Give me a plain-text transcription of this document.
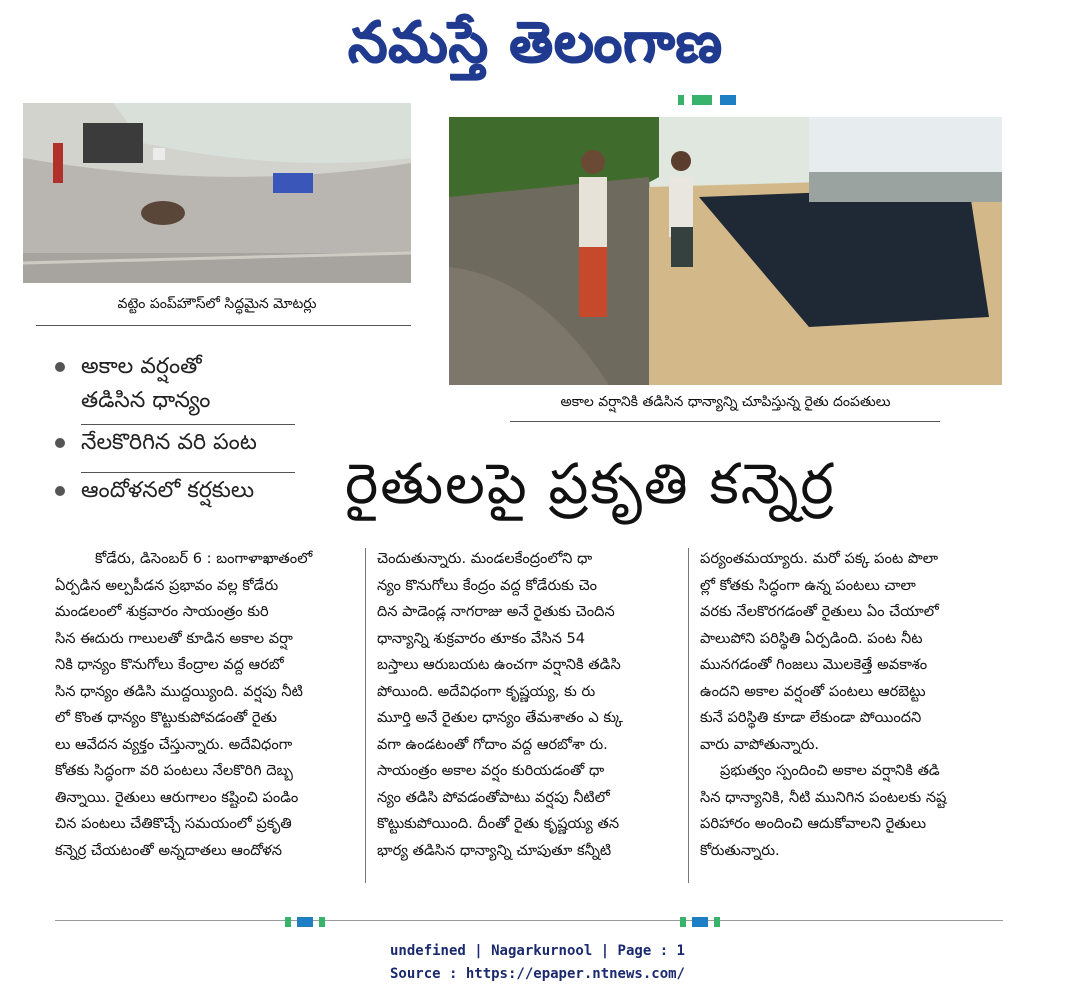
నమస్తే తెలంగాణ
వట్టెం పంప్‌హౌస్‌లో సిద్ధమైన మోటర్లు
అకాల వర్షానికి తడిసిన ధాన్యాన్ని చూపిస్తున్న రైతు దంపతులు
అకాల వర్షంతో
తడిసిన ధాన్యం
నేలకొరిగిన వరి పంట
ఆందోళనలో కర్షకులు	రైతులపై ప్రకృతి కన్నెర్ర

కోడేరు, డిసెంబర్ 6 : బంగాళాఖాతంలో

ఏర్పడిన అల్పపీడన ప్రభావం వల్ల కోడేరు

మండలంలో శుక్రవారం సాయంత్రం కురి

సిన ఈదురు గాలులతో కూడిన అకాల వర్షా

నికి ధాన్యం కొనుగోలు కేంద్రాల వద్ద ఆరబో

సిన ధాన్యం తడిసి ముద్దయ్యింది. వర్షపు నీటి

లో కొంత ధాన్యం కొట్టుకుపోవడంతో రైతు

లు ఆవేదన వ్యక్తం చేస్తున్నారు. అదేవిధంగా

కోతకు సిద్ధంగా వరి పంటలు నేలకొరిగి దెబ్బ

తిన్నాయి. రైతులు ఆరుగాలం కష్టించి పండిం

చిన పంటలు చేతికొచ్చే సమయంలో ప్రకృతి

కన్నెర్ర చేయటంతో అన్నదాతలు ఆందోళన

చెందుతున్నారు. మండలకేంద్రంలోని ధా

న్యం కొనుగోలు కేంద్రం వద్ద కోడేరుకు చెం

దిన పాడెండ్ల నాగరాజు అనే రైతుకు చెందిన

ధాన్యాన్ని శుక్రవారం తూకం వేసిన 54

బస్తాలు ఆరుబయట ఉంచగా వర్షానికి తడిసి

పోయింది. అదేవిధంగా కృష్ణయ్య, కు రు

మూర్తి అనే రైతుల ధాన్యం తేమశాతం ఎ క్కు

వగా ఉండటంతో గోదాం వద్ద ఆరబోశా రు.

సాయంత్రం అకాల వర్షం కురియడంతో ధా

న్యం తడిసి పోవడంతోపాటు వర్షపు నీటిలో

కొట్టుకుపోయింది. దీంతో రైతు కృష్ణయ్య తన

భార్య తడిసిన ధాన్యాన్ని చూపుతూ కన్నీటి

పర్యంతమయ్యారు. మరో పక్క పంట పొలా

ల్లో కోతకు సిద్ధంగా ఉన్న పంటలు చాలా

వరకు నేలకొరగడంతో రైతులు ఏం చేయాలో

పాలుపోని పరిస్థితి ఏర్పడింది. పంట నీట

మునగడంతో గింజలు మొలకెత్తే అవకాశం

ఉందని అకాల వర్షంతో పంటలు ఆరబెట్టు

కునే పరిస్థితి కూడా లేకుండా పోయిందని

వారు వాపోతున్నారు.

ప్రభుత్వం స్పందించి అకాల వర్షానికి తడి

సిన ధాన్యానికి, నీటి మునిగిన పంటలకు నష్ట

పరిహారం అందించి ఆదుకోవాలని రైతులు

కోరుతున్నారు.

undefined | Nagarkurnool | Page : 1
Source : https://epaper.ntnews.com/
